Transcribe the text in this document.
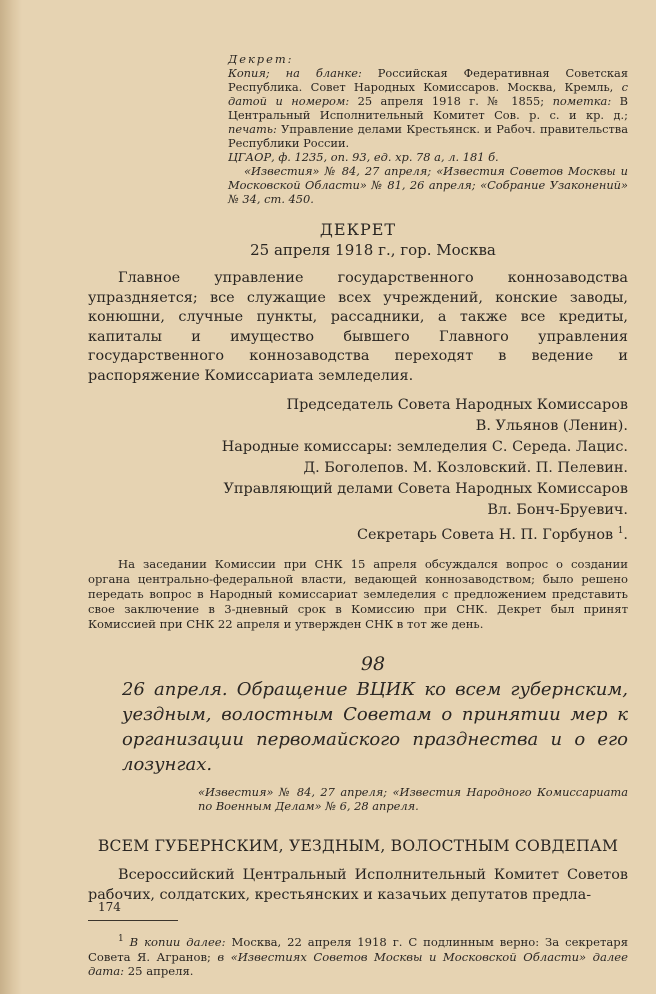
Декрет:

Копия; на бланке: Российская Федеративная Советская Республика. Совет Народных Комиссаров. Москва, Кремль, с датой и номером: 25 апреля 1918 г. № 1855; пометка: В Центральный Исполнительный Комитет Сов. р. с. и кр. д.; печать: Управление делами Крестьянск. и Рабоч. правительства Республики России.

ЦГАОР, ф. 1235, оп. 93, ед. хр. 78 а, л. 181 б.

«Известия» № 84, 27 апреля; «Известия Советов Москвы и Московской Области» № 81, 26 апреля; «Собрание Узаконений» № 34, ст. 450.

ДЕКРЕТ
25 апреля 1918 г., гор. Москва

Главное управление государственного коннозаводства упраздняется; все служащие всех учреждений, конские заводы, конюшни, случные пункты, рассадники, а также все кредиты, капиталы и имущество бывшего Главного управления государственного коннозаводства переходят в ведение и распоряжение Комиссариата земледелия.

Председатель Совета Народных Комиссаров
В. Ульянов (Ленин).
Народные комиссары: земледелия С. Середа. Лацис.
Д. Боголепов. М. Козловский. П. Пелевин.
Управляющий делами Совета Народных Комиссаров
Вл. Бонч-Бруевич.
Секретарь Совета Н. П. Горбунов $^1$.

На заседании Комиссии при СНК 15 апреля обсуждался вопрос о создании органа центрально-федеральной власти, ведающей коннозаводством; было решено передать вопрос в Народный комиссариат земледелия с предложением представить свое заключение в 3-дневный срок в Комиссию при СНК. Декрет был принят Комиссией при СНК 22 апреля и утвержден СНК в тот же день.

98
26 апреля. Обращение ВЦИК ко всем губернским, уездным, волостным Советам о принятии мер к организации первомайского празднества и о его лозунгах.
«Известия» № 84, 27 апреля; «Известия Народного Комиссариата по Военным Делам» № 6, 28 апреля.
ВСЕМ ГУБЕРНСКИМ, УЕЗДНЫМ, ВОЛОСТНЫМ СОВДЕПАМ

Всероссийский Центральный Исполнительный Комитет Советов рабочих, солдатских, крестьянских и казачьих депутатов предла-

$^1$ В копии далее: Москва, 22 апреля 1918 г. С подлинным верно: За секретаря Совета Я. Агранов; в «Известиях Советов Москвы и Московской Области» далее дата: 25 апреля.

174
